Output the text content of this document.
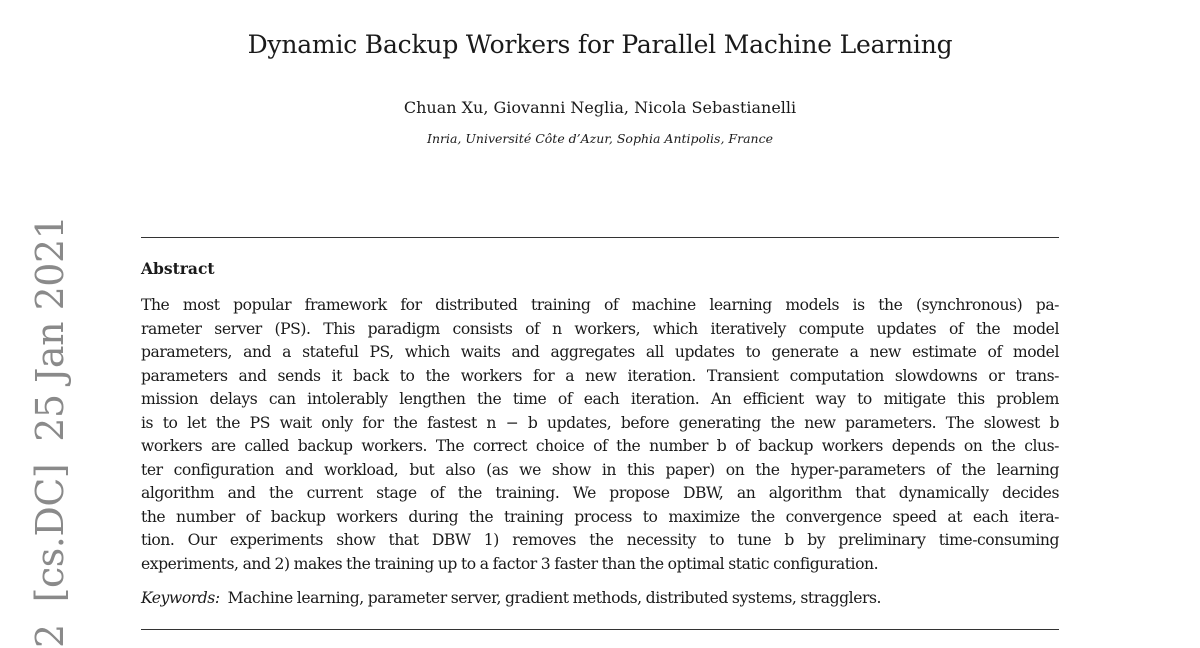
Dynamic Backup Workers for Parallel Machine Learning
Chuan Xu, Giovanni Neglia, Nicola Sebastianelli
Inria, Université Côte d’Azur, Sophia Antipolis, France
Abstract
The most popular framework for distributed training of machine learning models is the (synchronous) pa-
rameter server (PS). This paradigm consists of n workers, which iteratively compute updates of the model
parameters, and a stateful PS, which waits and aggregates all updates to generate a new estimate of model
parameters and sends it back to the workers for a new iteration. Transient computation slowdowns or trans-
mission delays can intolerably lengthen the time of each iteration. An efficient way to mitigate this problem
is to let the PS wait only for the fastest n − b updates, before generating the new parameters. The slowest b
workers are called backup workers. The correct choice of the number b of backup workers depends on the clus-
ter configuration and workload, but also (as we show in this paper) on the hyper-parameters of the learning
algorithm and the current stage of the training. We propose DBW, an algorithm that dynamically decides
the number of backup workers during the training process to maximize the convergence speed at each itera-
tion. Our experiments show that DBW 1) removes the necessity to tune b by preliminary time-consuming
experiments, and 2) makes the training up to a factor 3 faster than the optimal static configuration.
Keywords: Machine learning, parameter server, gradient methods, distributed systems, stragglers.
2[cs.DC]25 Jan 2021
